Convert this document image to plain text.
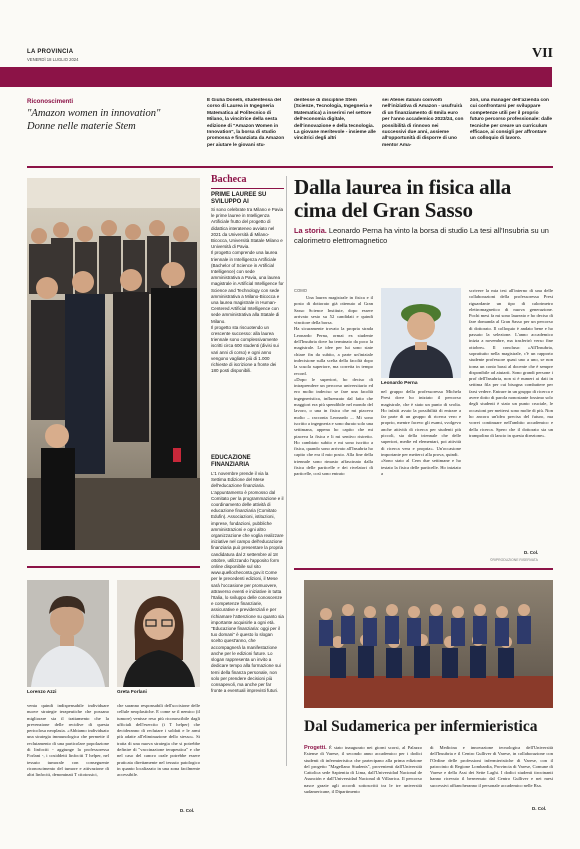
LA PROVINCIA
VENERDÌ 18 LUGLIO 2024	VII
Riconoscimenti
"Amazon women in innovation" Donne nelle materie Stem
È Giulia Donelli, studentessa del corso di Laurea in Ingegneria Matematica al Politecnico di Milano, la vincitrice della sesta edizione di "Amazon Women in Innovation", la borsa di studio promossa e finanziata da Amazon per aiutare le giovani stu-
dentesse di discipline Stem (Scienze, Tecnologia, Ingegneria e Matematica) a inserirsi nel settore dell'economia digitale, dell'innovazione e della tecnologia.
La giovane meritevole - insieme alle vincitrici degli altri
sei Atenei italiani coinvolti nell'iniziativa di Amazon - usufruirà di un finanziamento di 6mila euro per l'anno accademico 2023/24, con possibilità di rinnovo nei successivi due anni, assieme all'opportunità di disporre di uno mentor Ama-
zon, una manager dell'azienda con cui confrontarsi per sviluppare competenze utili per il proprio futuro percorso professionale: dalle tecniche per creare un curriculum efficace, ai consigli per affrontare un colloquio di lavoro.
Bacheca
PRIME LAUREE SU SVILUPPO AI
Si sono celebrate tra Milano e Pavia le prime lauree in Intelligenza Artificiale frutto del progetto di didattica interateneo avviato nel 2021 da Università di Milano-Bicocca, Università Statale Milano e Università di Pavia.
Il progetto comprende una laurea triennale in Intelligenza Artificiale (Bachelor of Science in Artificial Intelligence) con sede amministrativa a Pavia, una laurea magistrale in Artificial Intelligence for Science and Technology con sede amministrativa a Milano-Bicocca e una laurea magistrale in Human-Centered Artificial Intelligence con sede amministrativa alla Statale di Milano.
Il progetto sta riscuotendo un crescente successo: alla laurea triennale sono complessivamente iscritti circa 600 studenti (divisi sui vari anni di corso) e ogni anno vengono vagliate più di 1.000 richieste di iscrizione a fronte dei 180 posti disponibili.
EDUCAZIONE FINANZIARIA
L'1 novembre prende il via la Settima Edizione del Mese dell'educazione finanziaria.
L'appuntamento è promosso dal Comitato per la programmazione e il coordinamento delle attività di educazione finanziaria (Comitato Edufin). Associazioni, istituzioni, imprese, fondazioni, pubbliche amministrazioni e ogni altro organizzazione che voglia realizzare iniziative nel campo dell'educazione finanziaria può presentare la propria candidatura dal 2 settembre al 18 ottobre, utilizzando l'apposito form online disponibile sul sito www.quellocheconta.gov.it Come per le precedenti edizioni, il Mese sarà l'occasione per promuovere, attraverso eventi e iniziative in tutta l'Italia, lo sviluppo delle conoscenze e competenze finanziarie, assicurative e previdenziali e per richiamare l'attenzione su quanto sia importante acquisirle a ogni età.
"Educazione finanziaria: oggi per il tuo domani" è questo lo slogan scelto quest'anno, che accompagnerà la manifestazione anche per le edizioni future. Lo slogan rappresenta un invito a dedicare tempo alla formazione sui temi della finanza personale, non solo per prendere decisioni più consapevoli, ma anche per far fronte a eventuali imprevisti futuri.
Dalla laurea in fisica alla cima del Gran Sasso
La storia. Leonardo Perna ha vinto la borsa di studio La tesi all'Insubria su un calorimetro elettromagnetico
COMO
Una laurea magistrale in fisica e il posto di dottorato già ottenuto al Gran Sasso Science Institute, dopo essere arrivato sesto su 52 candidati e quindi vincitore della borsa.
Ha sicuramente trovato la propria strada Leonardo Perna, ormai ex studente dell'Insubria dove ha terminato da poco la magistrale. Le idee per lui sono state chiare fin da subito, a parte un'iniziale indecisione sulla scelta della facoltà dopo la scuola superiore, ma corretta in tempo record.
«Dopo le superiori, ho deciso di intraprendere un percorso universitario ed ero molto indeciso se fare una facoltà ingegneristica, influenzato dal fatto che maggiori era più spendibile nel mondo del lavoro, o una in fisica che mi piaceva molto – racconta Leonardo –. Mi sono iscritto a ingegneria e sono durato solo una settimana, appena ho capito che mi piaceva la fisica e li mi sentivo ristretto. Ho cambiato subito e mi sono iscritto a fisica, quando sono arrivato all'Insubria ho capito che era il mio posto. Alla fine della triennale sono rimasto affascinato dalla fisica delle particelle e dei rivelatori di particelle, così sono entrato
Leonardo Perna
nel gruppo della professoressa Michela Prest dove ho iniziato il percorso magistrale, che è stato un punto di svolta. Ho infatti avuto la possibilità di entrare a far parte di un gruppo di ricerca vero e proprio, mentre facevo gli esami, svolgevo anche attività di ricerca per studenti più piccoli, sia della triennale che delle superiori, medie ed elementari, poi attività di ricerca vera e propria». Un'occasione importante per metterci alla prova, quindi.
«Sono stato al Cern due settimane e ho testato la fisica delle particelle. Ho iniziato a
scrivere la mia tesi all'interno di una delle collaborazioni della professoressa Prest riguardante un tipo di calorimetro elettromagnetico di nuova generazione. Pochi mesi fa mi sono laureato e ho deciso di fare domanda al Gran Sasso per un percorso di dottorato. Il colloquio è andato bene e ho passato la selezione. L'anno accademico inizia a novembre, ma trasferirò verso fine ottobre». Il concluso: «All'Insubria, soprattutto nella magistrale, c'è un rapporto studente professore quasi uno a uno, se non torna un conto bassi al docente che è sempre disponibile ad aiutarti. Sono grandi persone i prof dell'Insubria, non si è numeri ai dati in settima fila per cui bisogna combattere per farsi vedere. Entrare in un gruppo di ricerca e avere dotto di parola nonostante fossimo solo degli studenti è stato un punto cruciale, le occasioni per mettersi sono molte di più. Non ho ancora un'idea precisa del futuro, ma vorrei continuare nell'ambito accademico e della ricerca. Spero che il dottorato sia un trampolino di lancio in questa direzione».
D. Col.
©RIPRODUZIONE RISERVATA
Lorenzo Azzi	Greta Forlani
venta quindi indispensabile individuare nuove strategie terapeutiche che possano migliorare sia il trattamento che la prevenzione delle recidive di questa pericolosa neoplasia. «Abbiamo individuato una strategia immunologica che permette il reclutamento di una particolare popolazione di linfociti - aggiunge la professoressa Forlani -, i cosiddetti linfociti T helper, nel tessuto tumorale con conseguente riconoscimento del tumore e attivazione di altri linfociti, denominati T citotossici,
che saranno responsabili dell'uccisione delle cellule neoplastiche. E come se il nemico (il tumore) venisse reso più riconoscibile dagli ufficiali dell'esercito (i T helper) che decideranno di reclutare i soldati e le armi più adatte all'eliminazione dello stesso». Si tratta di una nuova strategia che si potrebbe definire di "vaccinazione terapeutica" e che nel caso del cancro orale potrebbe essere praticata direttamente nel tessuto patologico in quanto localizzato in una zona facilmente accessibile.
D. Col.
Dal Sudamerica per infermieristica
Progetti. È stato inaugurato nei giorni scorsi, al Palazzo Estense di Varese, il secondo anno accademico per i dodici studenti di infermieristica che partecipano alla prima edizione del progetto "Magellano Students", provenienti dall'Università Cattolica sede Sapientia di Lima, dall'Universidad Nacional de Asunción e dall'Universidad Nacional di Villarrica. Il percorso nasce grazie agli accordi sottoscritti tra le tre università sudamericane, il Dipartimento
di Medicina e innovazione tecnologica dell'Università dell'Insubria e il Centro Gulliver di Varese, in collaborazione con l'Ordine delle professioni infermieristiche di Varese, con il patrocinio di Regione Lombardia, Provincia di Varese, Comune di Varese e della Asst dei Sette Laghi. I dodici studenti tirocinanti hanno ricevuto il benvenuto dal Centro Gulliver e nei mesi successivi affiancheranno il personale accademico nelle Rsa.
D. Col.
